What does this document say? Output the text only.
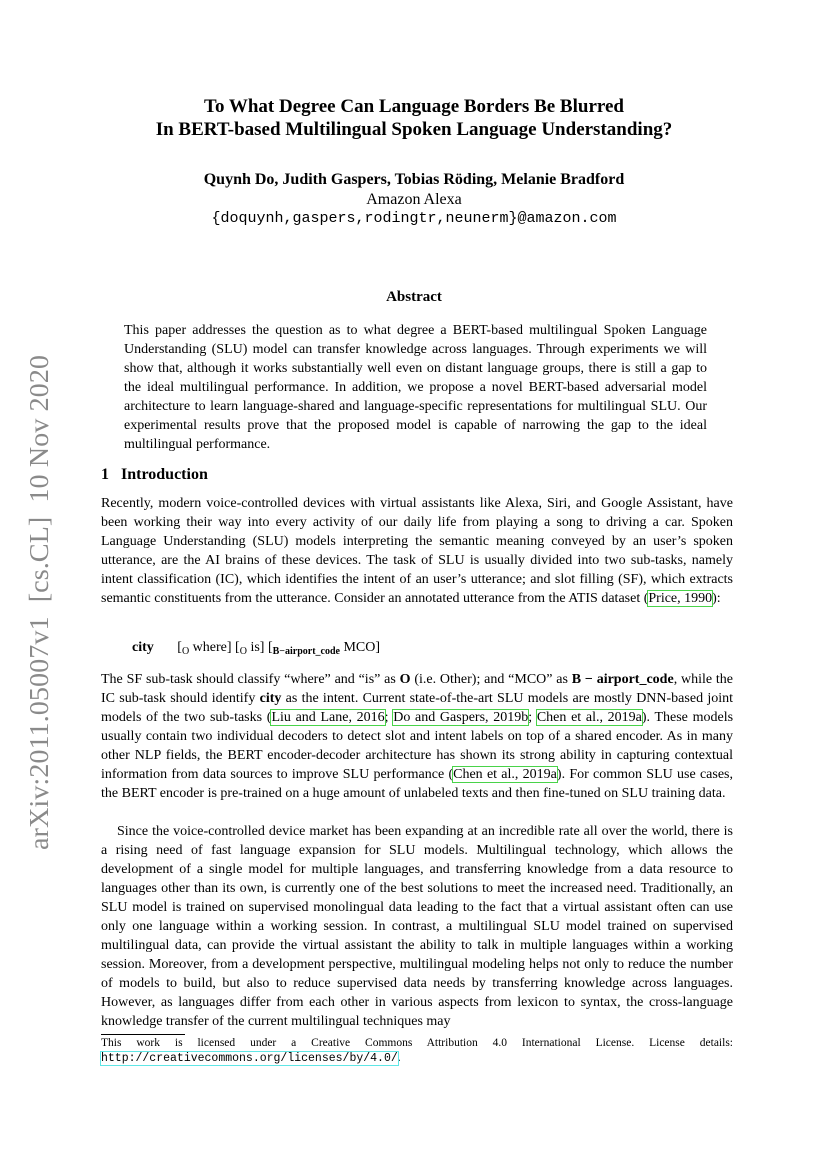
arXiv:2011.05007v1  [cs.CL]  10 Nov 2020
To What Degree Can Language Borders Be Blurred
In BERT-based Multilingual Spoken Language Understanding?
Quynh Do, Judith Gaspers, Tobias Röding, Melanie Bradford
Amazon Alexa
{doquynh,gaspers,rodingtr,neunerm}@amazon.com
Abstract
This paper addresses the question as to what degree a BERT-based multilingual Spoken Language Understanding (SLU) model can transfer knowledge across languages. Through experiments we will show that, although it works substantially well even on distant language groups, there is still a gap to the ideal multilingual performance. In addition, we propose a novel BERT-based adversarial model architecture to learn language-shared and language-specific representations for multilingual SLU. Our experimental results prove that the proposed model is capable of narrowing the gap to the ideal multilingual performance.
1 Introduction
Recently, modern voice-controlled devices with virtual assistants like Alexa, Siri, and Google Assistant, have been working their way into every activity of our daily life from playing a song to driving a car. Spoken Language Understanding (SLU) models interpreting the semantic meaning conveyed by an user’s spoken utterance, are the AI brains of these devices. The task of SLU is usually divided into two sub-tasks, namely intent classification (IC), which identifies the intent of an user’s utterance; and slot filling (SF), which extracts semantic constituents from the utterance. Consider an annotated utterance from the ATIS dataset (Price, 1990):
city [$_O$ where] [$_O$ is] [$_{B-airport\_code}$ MCO]
The SF sub-task should classify “where” and “is” as O (i.e. Other); and “MCO” as B − airport_code, while the IC sub-task should identify city as the intent. Current state-of-the-art SLU models are mostly DNN-based joint models of the two sub-tasks (Liu and Lane, 2016; Do and Gaspers, 2019b; Chen et al., 2019a). These models usually contain two individual decoders to detect slot and intent labels on top of a shared encoder. As in many other NLP fields, the BERT encoder-decoder architecture has shown its strong ability in capturing contextual information from data sources to improve SLU performance (Chen et al., 2019a). For common SLU use cases, the BERT encoder is pre-trained on a huge amount of unlabeled texts and then fine-tuned on SLU training data.
Since the voice-controlled device market has been expanding at an incredible rate all over the world, there is a rising need of fast language expansion for SLU models. Multilingual technology, which allows the development of a single model for multiple languages, and transferring knowledge from a data resource to languages other than its own, is currently one of the best solutions to meet the increased need. Traditionally, an SLU model is trained on supervised monolingual data leading to the fact that a virtual assistant often can use only one language within a working session. In contrast, a multilingual SLU model trained on supervised multilingual data, can provide the virtual assistant the ability to talk in multiple languages within a working session. Moreover, from a development perspective, multilingual modeling helps not only to reduce the number of models to build, but also to reduce supervised data needs by transferring knowledge across languages. However, as languages differ from each other in various aspects from lexicon to syntax, the cross-language knowledge transfer of the current multilingual techniques may
This work is licensed under a Creative Commons Attribution 4.0 International License. License details: http://creativecommons.org/licenses/by/4.0/.
